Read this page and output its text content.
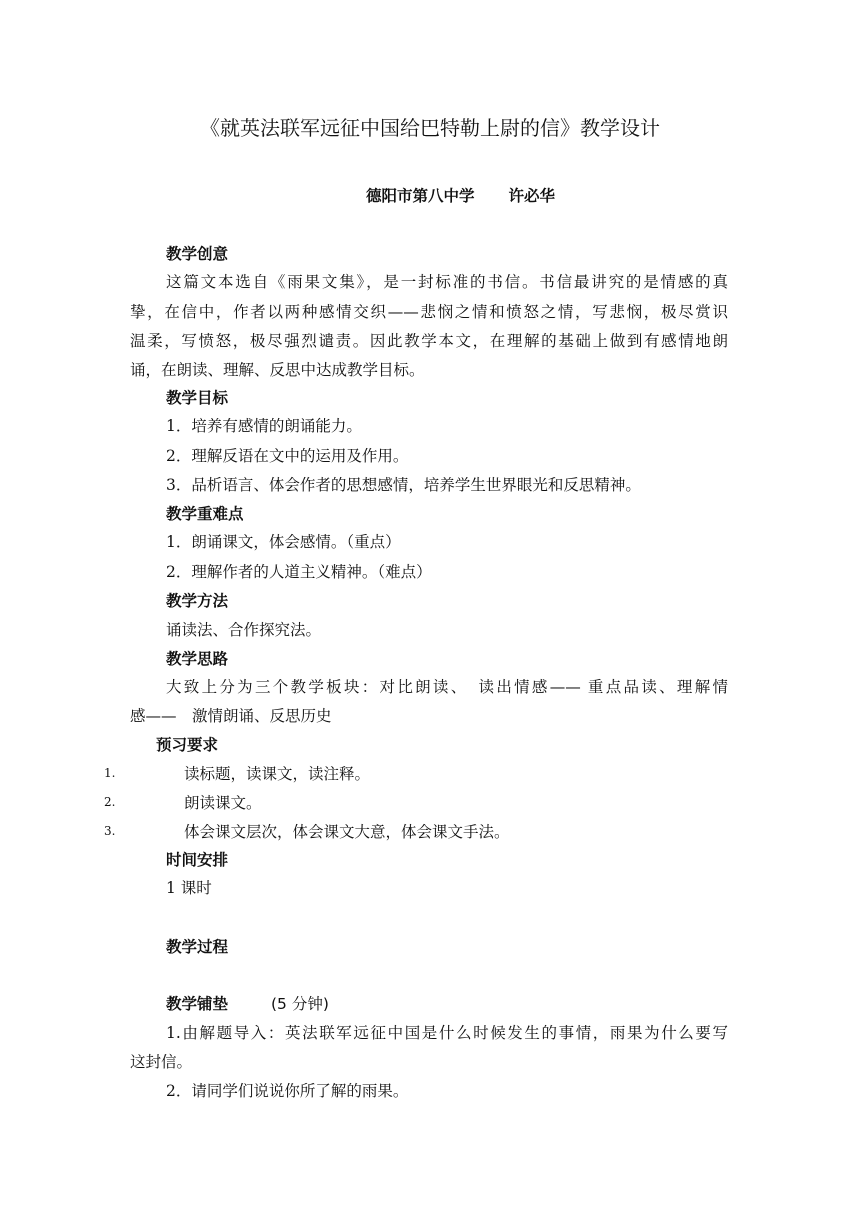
《就英法联军远征中国给巴特勒上尉的信》教学设计
德阳市第八中学 许必华
教学创意
这篇文本选自《雨果文集》，是一封标准的书信。书信最讲究的是情感的真
挚，在信中，作者以两种感情交织——悲悯之情和愤怒之情，写悲悯，极尽赏识
温柔，写愤怒，极尽强烈谴责。因此教学本文，在理解的基础上做到有感情地朗
诵，在朗读、理解、反思中达成教学目标。
教学目标
1．培养有感情的朗诵能力。
2．理解反语在文中的运用及作用。
3．品析语言、体会作者的思想感情，培养学生世界眼光和反思精神。
教学重难点
1．朗诵课文，体会感情。（重点）
2．理解作者的人道主义精神。（难点）
教学方法
诵读法、合作探究法。
教学思路
大致上分为三个教学板块：对比朗读、　读出情感—— 重点品读、理解情
感——　激情朗诵、反思历史
预习要求
1.	读标题，读课文，读注释。
2.	朗读课文。
3.	体会课文层次，体会课文大意，体会课文手法。
时间安排
1 课时
教学过程
教学铺垫	(5 分钟)
1.由解题导入：英法联军远征中国是什么时候发生的事情，雨果为什么要写
这封信。
2．请同学们说说你所了解的雨果。
